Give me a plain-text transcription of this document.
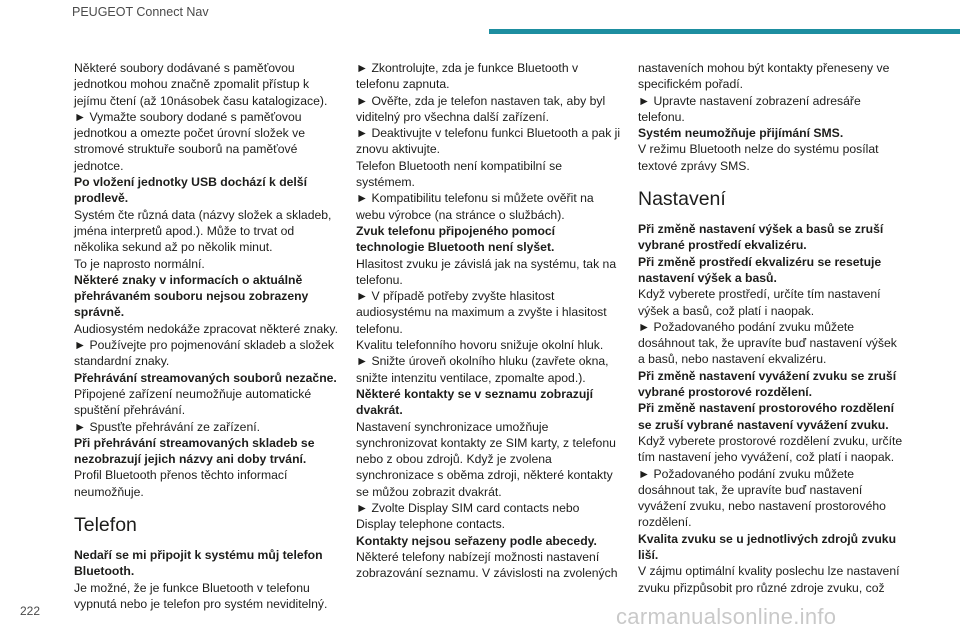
PEUGEOT Connect Nav

Některé soubory dodávané s paměťovou jednotkou mohou značně zpomalit přístup k jejímu čtení (až 10násobek času katalogizace).

► Vymažte soubory dodané s paměťovou jednotkou a omezte počet úrovní složek ve stromové struktuře souborů na paměťové jednotce.

Po vložení jednotky USB dochází k delší prodlevě.

Systém čte různá data (názvy složek a skladeb, jména interpretů apod.). Může to trvat od několika sekund až po několik minut.

To je naprosto normální.

Některé znaky v informacích o aktuálně přehrávaném souboru nejsou zobrazeny správně.

Audiosystém nedokáže zpracovat některé znaky.

► Používejte pro pojmenování skladeb a složek standardní znaky.

Přehrávání streamovaných souborů nezačne.

Připojené zařízení neumožňuje automatické spuštění přehrávání.

► Spusťte přehrávání ze zařízení.

Při přehrávání streamovaných skladeb se nezobrazují jejich názvy ani doby trvání.

Profil Bluetooth přenos těchto informací neumožňuje.

Telefon

Nedaří se mi připojit k systému můj telefon Bluetooth.

Je možné, že je funkce Bluetooth v telefonu vypnutá nebo je telefon pro systém neviditelný.

► Zkontrolujte, zda je funkce Bluetooth v telefonu zapnuta.

► Ověřte, zda je telefon nastaven tak, aby byl viditelný pro všechna další zařízení.

► Deaktivujte v telefonu funkci Bluetooth a pak ji znovu aktivujte.

Telefon Bluetooth není kompatibilní se systémem.

► Kompatibilitu telefonu si můžete ověřit na webu výrobce (na stránce o službách).

Zvuk telefonu připojeného pomocí technologie Bluetooth není slyšet.

Hlasitost zvuku je závislá jak na systému, tak na telefonu.

► V případě potřeby zvyšte hlasitost audiosystému na maximum a zvyšte i hlasitost telefonu.

Kvalitu telefonního hovoru snižuje okolní hluk.

► Snižte úroveň okolního hluku (zavřete okna, snižte intenzitu ventilace, zpomalte apod.).

Některé kontakty se v seznamu zobrazují dvakrát.

Nastavení synchronizace umožňuje synchronizovat kontakty ze SIM karty, z telefonu nebo z obou zdrojů. Když je zvolena synchronizace s oběma zdroji, některé kontakty se můžou zobrazit dvakrát.

► Zvolte Display SIM card contacts nebo Display telephone contacts.

Kontakty nejsou seřazeny podle abecedy.

Některé telefony nabízejí možnosti nastavení zobrazování seznamu. V závislosti na zvolených

nastaveních mohou být kontakty přeneseny ve specifickém pořadí.

► Upravte nastavení zobrazení adresáře telefonu.

Systém neumožňuje přijímání SMS.

V režimu Bluetooth nelze do systému posílat textové zprávy SMS.

Nastavení

Při změně nastavení výšek a basů se zruší vybrané prostředí ekvalizéru.

Při změně prostředí ekvalizéru se resetuje nastavení výšek a basů.

Když vyberete prostředí, určíte tím nastavení výšek a basů, což platí i naopak.

► Požadovaného podání zvuku můžete dosáhnout tak, že upravíte buď nastavení výšek a basů, nebo nastavení ekvalizéru.

Při změně nastavení vyvážení zvuku se zruší vybrané prostorové rozdělení.

Při změně nastavení prostorového rozdělení se zruší vybrané nastavení vyvážení zvuku.

Když vyberete prostorové rozdělení zvuku, určíte tím nastavení jeho vyvážení, což platí i naopak.

► Požadovaného podání zvuku můžete dosáhnout tak, že upravíte buď nastavení vyvážení zvuku, nebo nastavení prostorového rozdělení.

Kvalita zvuku se u jednotlivých zdrojů zvuku liší.

V zájmu optimální kvality poslechu lze nastavení zvuku přizpůsobit pro různé zdroje zvuku, což

222	carmanualsonline.info
